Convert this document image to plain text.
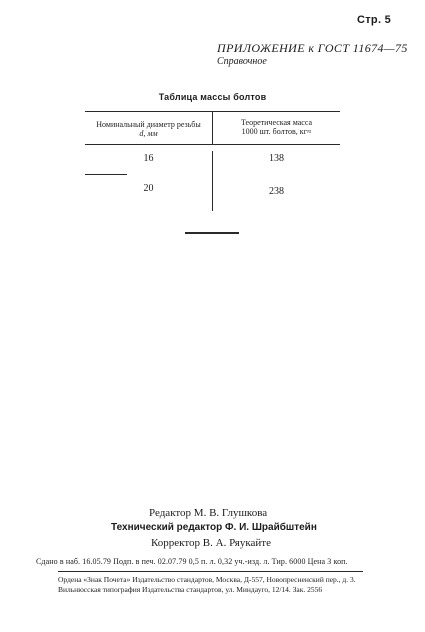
Стр. 5
ПРИЛОЖЕНИЕ к ГОСТ 11674—75
Справочное
Таблица массы болтов
Номинальный диаметр резьбы
d, мм
Теоретическая масса
1000 шт. болтов, кг≈
16	138
20	238
Редактор М. В. Глушкова
Технический редактор Ф. И. Шрайбштейн
Корректор В. А. Ряукайте
Сдано в наб. 16.05.79 Подп. в печ. 02.07.79 0,5 п. л. 0,32 уч.-изд. л. Тир. 6000 Цена 3 коп.
Ордена «Знак Почета» Издательство стандартов, Москва, Д-557, Новопресненский пер., д. 3.
Вильнюсская типография Издательства стандартов, ул. Миндауго, 12/14. Зак. 2556
